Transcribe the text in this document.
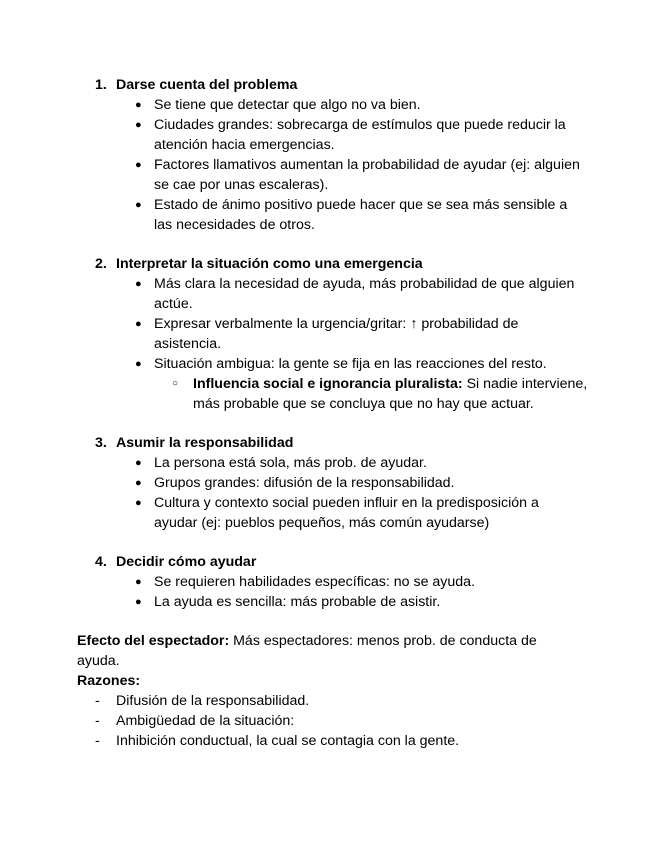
1. Darse cuenta del problema
● Se tiene que detectar que algo no va bien.
● Ciudades grandes: sobrecarga de estímulos que puede reducir la atención hacia emergencias.
● Factores llamativos aumentan la probabilidad de ayudar (ej: alguien se cae por unas escaleras).
● Estado de ánimo positivo puede hacer que se sea más sensible a las necesidades de otros.
2. Interpretar la situación como una emergencia
● Más clara la necesidad de ayuda, más probabilidad de que alguien actúe.
● Expresar verbalmente la urgencia/gritar: ↑ probabilidad de asistencia.
● Situación ambigua: la gente se fija en las reacciones del resto.
○ Influencia social e ignorancia pluralista: Si nadie interviene, más probable que se concluya que no hay que actuar.
3. Asumir la responsabilidad
● La persona está sola, más prob. de ayudar.
● Grupos grandes: difusión de la responsabilidad.
● Cultura y contexto social pueden influir en la predisposición a ayudar (ej: pueblos pequeños, más común ayudarse)
4. Decidir cómo ayudar
● Se requieren habilidades específicas: no se ayuda.
● La ayuda es sencilla: más probable de asistir.
Efecto del espectador: Más espectadores: menos prob. de conducta de ayuda.
Razones:
- Difusión de la responsabilidad.
- Ambigüedad de la situación:
- Inhibición conductual, la cual se contagia con la gente.
